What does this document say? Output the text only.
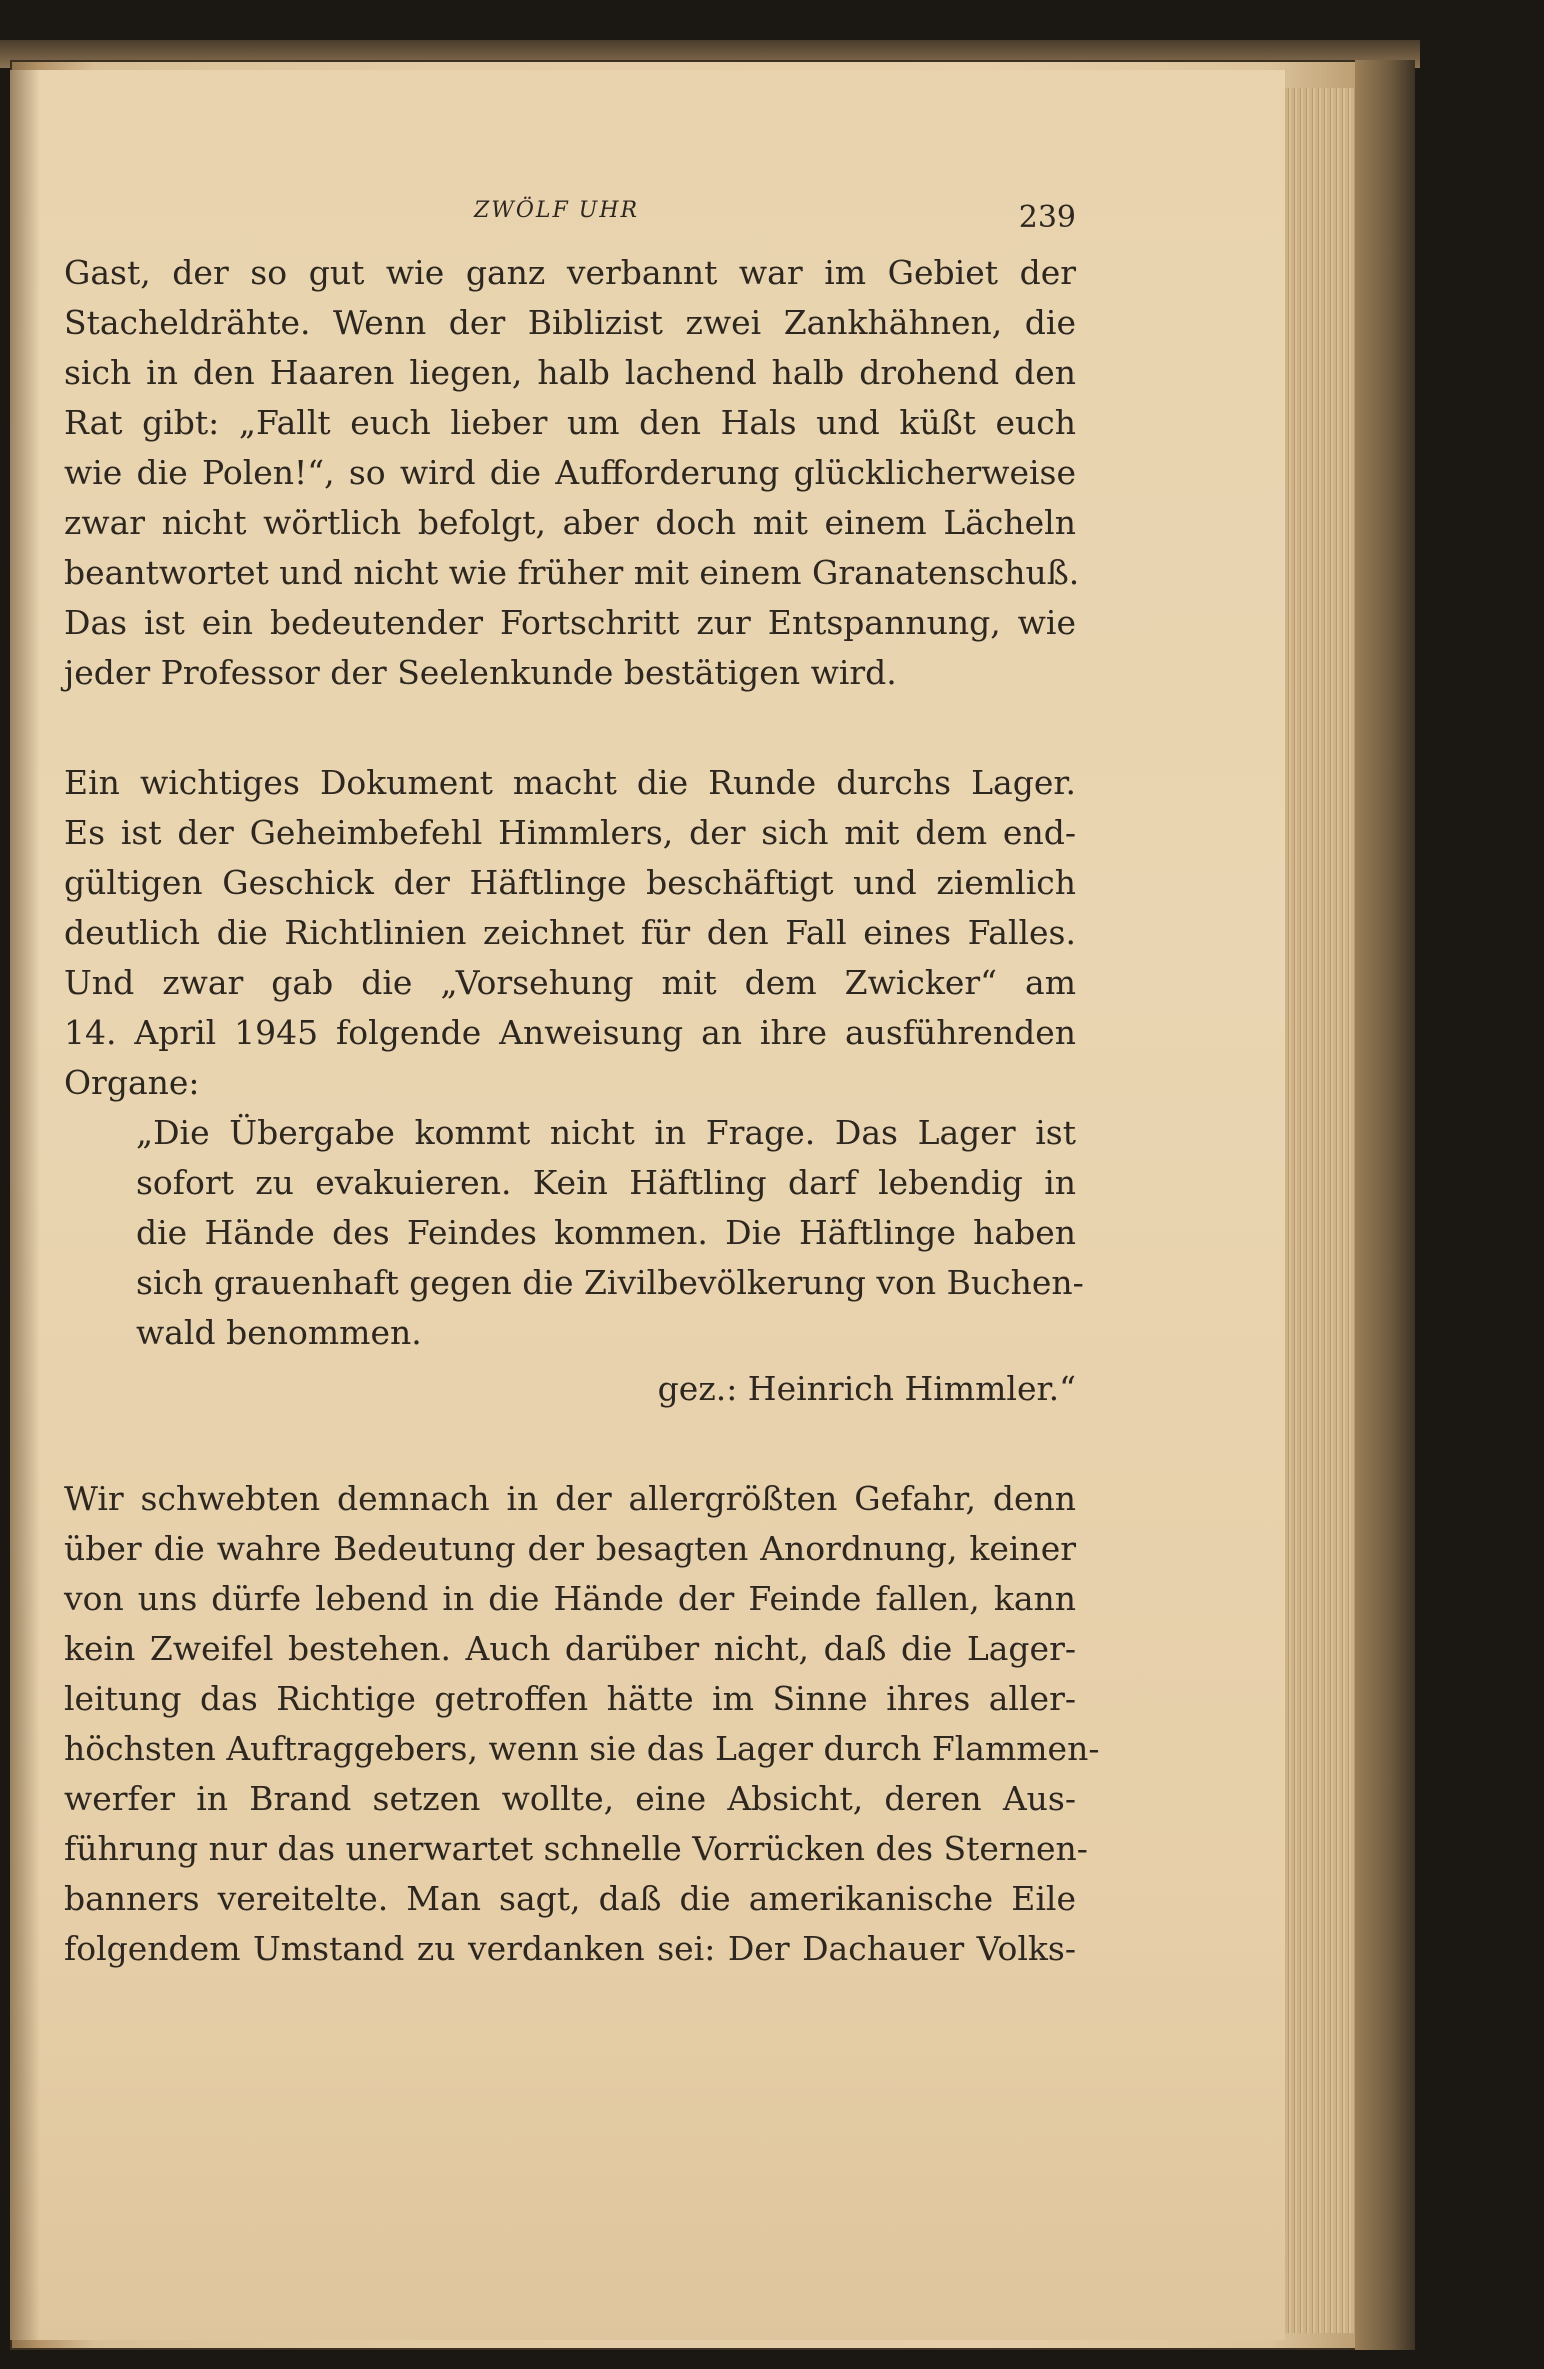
ZWÖLF UHR	239
Gast, der so gut wie ganz verbannt war im Gebiet der
Stacheldrähte. Wenn der Biblizist zwei Zankhähnen, die
sich in den Haaren liegen, halb lachend halb drohend den
Rat gibt: „Fallt euch lieber um den Hals und küßt euch
wie die Polen!“, so wird die Aufforderung glücklicherweise
zwar nicht wörtlich befolgt, aber doch mit einem Lächeln
beantwortet und nicht wie früher mit einem Granatenschuß.
Das ist ein bedeutender Fortschritt zur Entspannung, wie
jeder Professor der Seelenkunde bestätigen wird.
Ein wichtiges Dokument macht die Runde durchs Lager.
Es ist der Geheimbefehl Himmlers, der sich mit dem end-
gültigen Geschick der Häftlinge beschäftigt und ziemlich
deutlich die Richtlinien zeichnet für den Fall eines Falles.
Und zwar gab die „Vorsehung mit dem Zwicker“ am
14. April 1945 folgende Anweisung an ihre ausführenden
Organe:
„Die Übergabe kommt nicht in Frage. Das Lager ist
sofort zu evakuieren. Kein Häftling darf lebendig in
die Hände des Feindes kommen. Die Häftlinge haben
sich grauenhaft gegen die Zivilbevölkerung von Buchen-
wald benommen.
gez.: Heinrich Himmler.“
Wir schwebten demnach in der allergrößten Gefahr, denn
über die wahre Bedeutung der besagten Anordnung, keiner
von uns dürfe lebend in die Hände der Feinde fallen, kann
kein Zweifel bestehen. Auch darüber nicht, daß die Lager-
leitung das Richtige getroffen hätte im Sinne ihres aller-
höchsten Auftraggebers, wenn sie das Lager durch Flammen-
werfer in Brand setzen wollte, eine Absicht, deren Aus-
führung nur das unerwartet schnelle Vorrücken des Sternen-
banners vereitelte. Man sagt, daß die amerikanische Eile
folgendem Umstand zu verdanken sei: Der Dachauer Volks-
